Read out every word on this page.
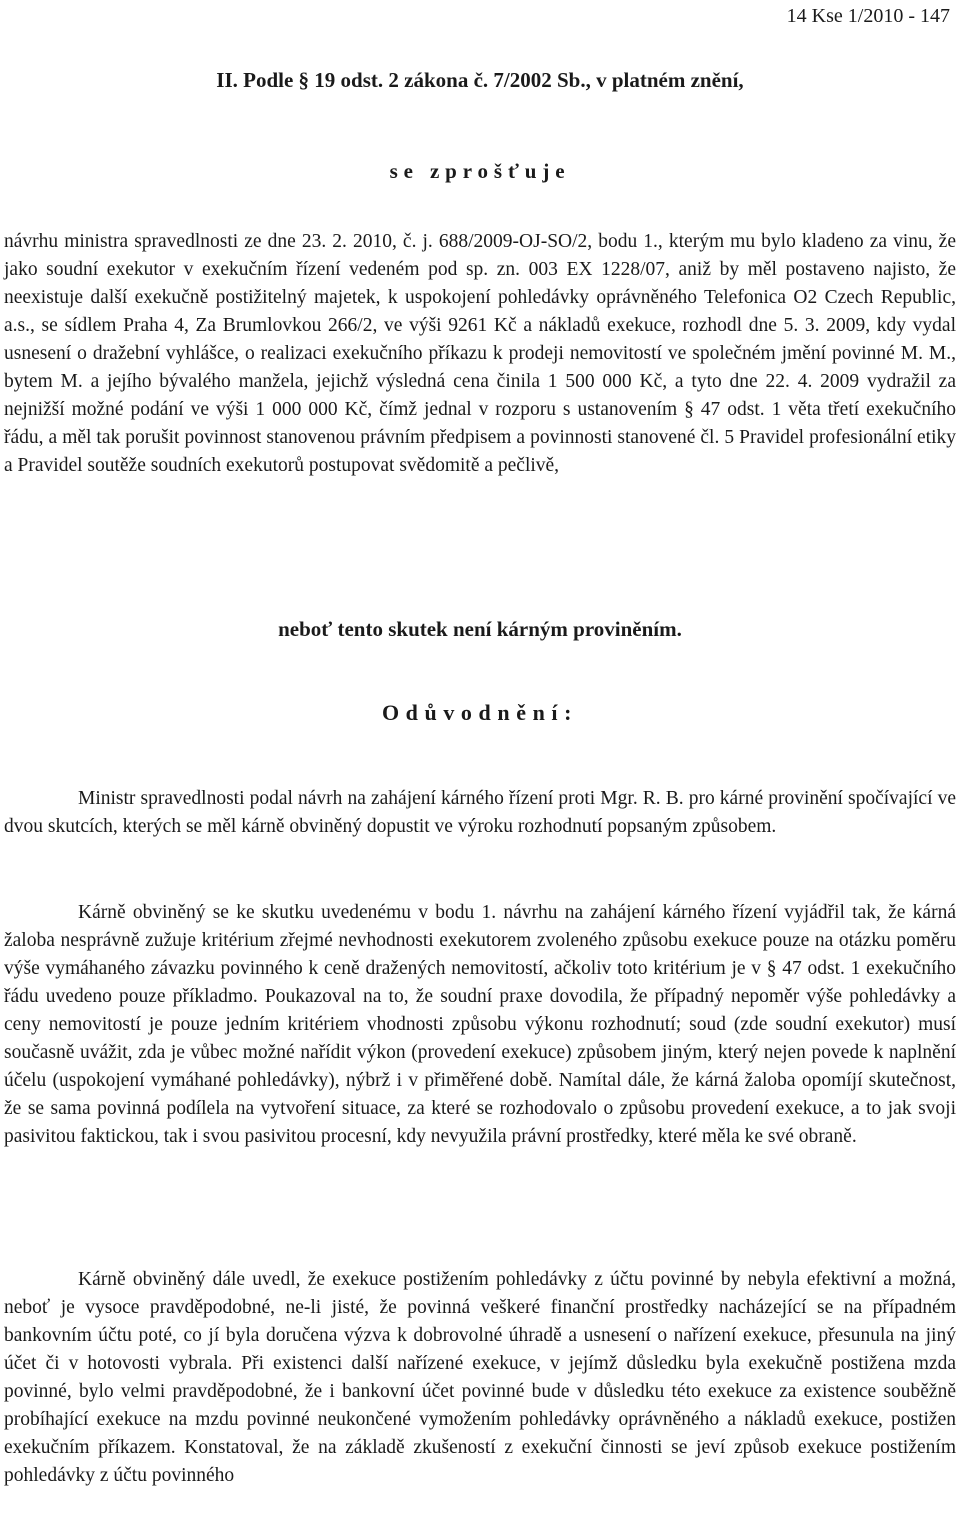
14 Kse 1/2010 - 147
II. Podle § 19 odst. 2 zákona č. 7/2002 Sb., v platném znění,
se zprošťuje

návrhu ministra spravedlnosti ze dne 23. 2. 2010, č. j. 688/2009-OJ-SO/2, bodu 1., kterým mu bylo kladeno za vinu, že jako soudní exekutor v exekučním řízení vedeném pod sp. zn. 003 EX 1228/07, aniž by měl postaveno najisto, že neexistuje další exekučně postižitelný majetek, k uspokojení pohledávky oprávněného Telefonica O2 Czech Republic, a.s., se sídlem Praha 4, Za Brumlovkou 266/2, ve výši 9261 Kč a nákladů exekuce, rozhodl dne 5. 3. 2009, kdy vydal usnesení o dražební vyhlášce, o realizaci exekučního příkazu k prodeji nemovitostí ve společném jmění povinné M. M., bytem M. a jejího bývalého manžela, jejichž výsledná cena činila 1 500 000 Kč, a tyto dne 22. 4. 2009 vydražil za nejnižší možné podání ve výši 1 000 000 Kč, čímž jednal v rozporu s ustanovením § 47 odst. 1 věta třetí exekučního řádu, a měl tak porušit povinnost stanovenou právním předpisem a povinnosti stanovené čl. 5 Pravidel profesionální etiky a Pravidel soutěže soudních exekutorů postupovat svědomitě a pečlivě,

neboť tento skutek není kárným proviněním.
Odůvodnění:

Ministr spravedlnosti podal návrh na zahájení kárného řízení proti Mgr. R. B. pro kárné provinění spočívající ve dvou skutcích, kterých se měl kárně obviněný dopustit ve výroku rozhodnutí popsaným způsobem.

Kárně obviněný se ke skutku uvedenému v bodu 1. návrhu na zahájení kárného řízení vyjádřil tak, že kárná žaloba nesprávně zužuje kritérium zřejmé nevhodnosti exekutorem zvoleného způsobu exekuce pouze na otázku poměru výše vymáhaného závazku povinného k ceně dražených nemovitostí, ačkoliv toto kritérium je v § 47 odst. 1 exekučního řádu uvedeno pouze příkladmo. Poukazoval na to, že soudní praxe dovodila, že případný nepoměr výše pohledávky a ceny nemovitostí je pouze jedním kritériem vhodnosti způsobu výkonu rozhodnutí; soud (zde soudní exekutor) musí současně uvážit, zda je vůbec možné nařídit výkon (provedení exekuce) způsobem jiným, který nejen povede k naplnění účelu (uspokojení vymáhané pohledávky), nýbrž i v přiměřené době. Namítal dále, že kárná žaloba opomíjí skutečnost, že se sama povinná podílela na vytvoření situace, za které se rozhodovalo o způsobu provedení exekuce, a to jak svoji pasivitou faktickou, tak i svou pasivitou procesní, kdy nevyužila právní prostředky, které měla ke své obraně.

Kárně obviněný dále uvedl, že exekuce postižením pohledávky z účtu povinné by nebyla efektivní a možná, neboť je vysoce pravděpodobné, ne-li jisté, že povinná veškeré finanční prostředky nacházející se na případném bankovním účtu poté, co jí byla doručena výzva k dobrovolné úhradě a usnesení o nařízení exekuce, přesunula na jiný účet či v hotovosti vybrala. Při existenci další nařízené exekuce, v jejímž důsledku byla exekučně postižena mzda povinné, bylo velmi pravděpodobné, že i bankovní účet povinné bude v důsledku této exekuce za existence souběžně probíhající exekuce na mzdu povinné neukončené vymožením pohledávky oprávněného a nákladů exekuce, postižen exekučním příkazem. Konstatoval, že na základě zkušeností z exekuční činnosti se jeví způsob exekuce postižením pohledávky z účtu povinného
